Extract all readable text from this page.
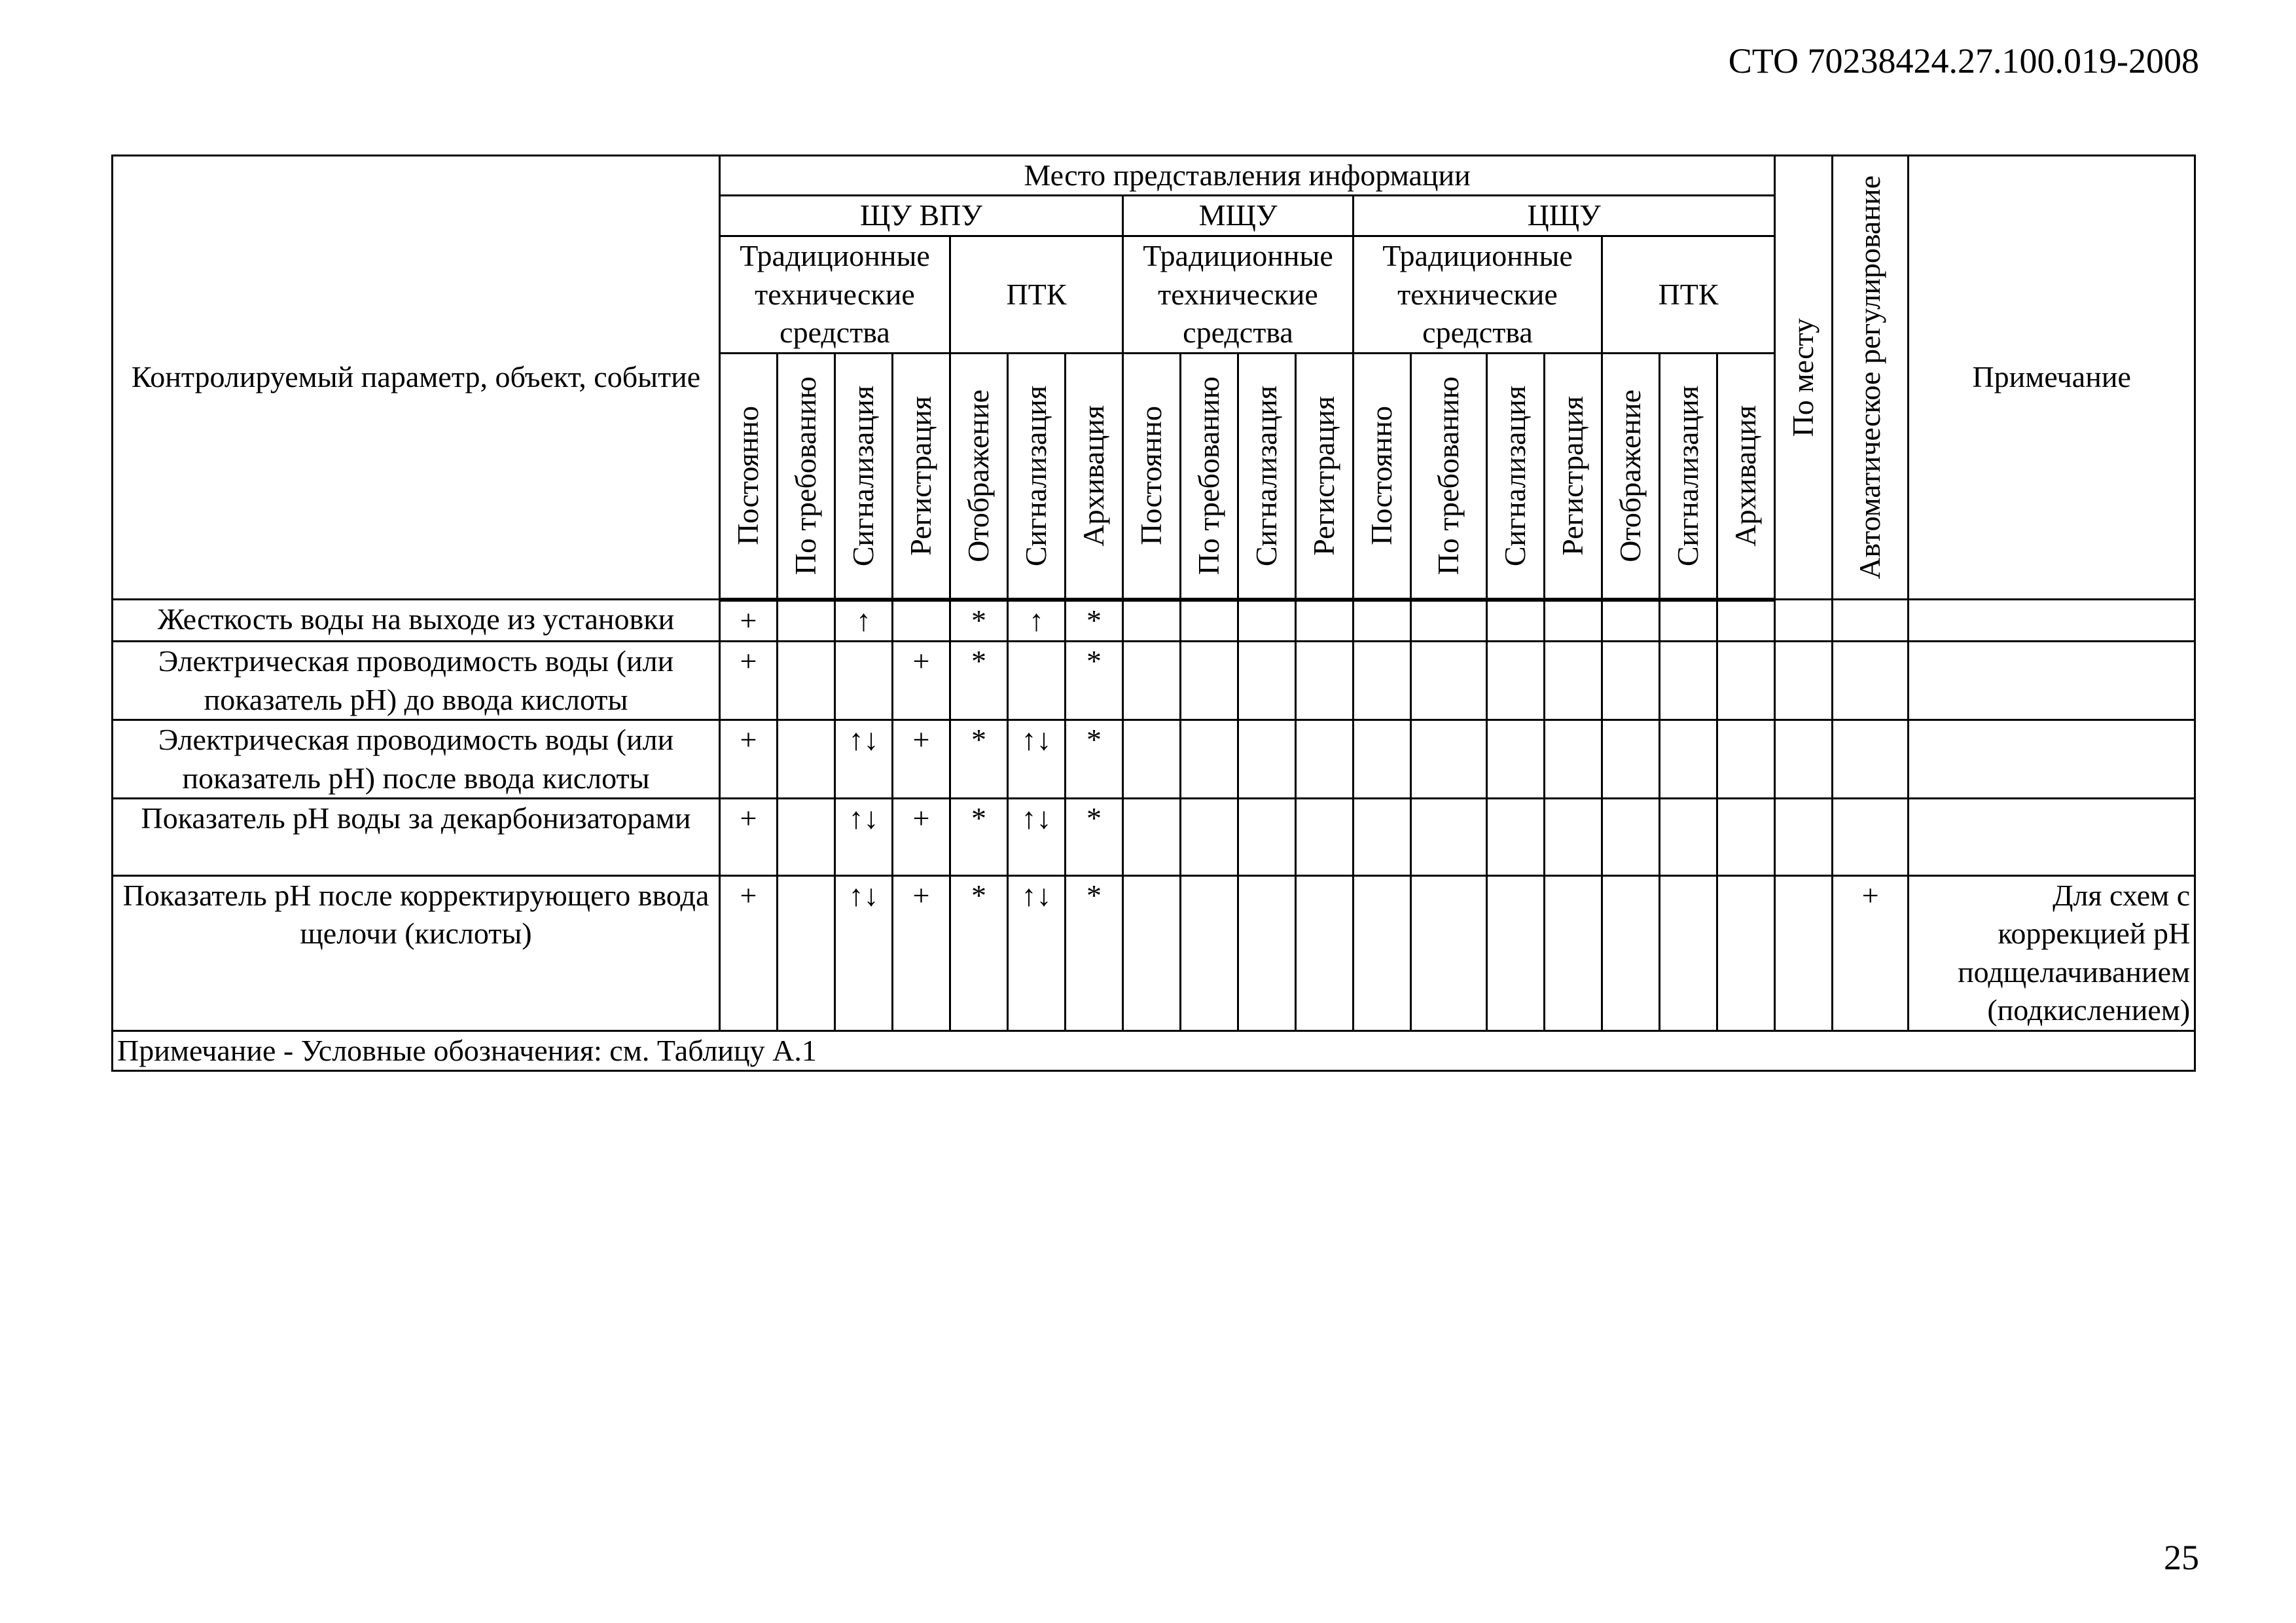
СТО 70238424.27.100.019-2008
Контролируемый параметр, объект, событие	Место представления информации																		По месту	Автоматическое регулирование	Примечание
	ЩУ ВПУ							МЩУ				ЦЩУ									
	Традиционные технические средства				ПТК			Традиционные технические средства				Традиционные технические средства				ПТК					

	Постоянно	По требованию	Сигнализация	Регистрация	Отображение	Сигнализация	Архивация	Постоянно	По требованию	Сигнализация	Регистрация	Постоянно	По требованию	Сигнализация	Регистрация	Отображение	Сигнализация	Архивация			

Жесткость воды на выходе из установки	+		↑		*	↑	*														
Электрическая проводимость воды (или показатель pH) до ввода кислоты	+			+	*		*														
Электрическая проводимость воды (или показатель pH) после ввода кислоты	+		↑↓	+	*	↑↓	*														
Показатель pH воды за декарбонизаторами	+		↑↓	+	*	↑↓	*														
Показатель pH после корректирующего ввода щелочи (кислоты)	+		↑↓	+	*	↑↓	*													+	Для схем с коррекцией pH подщелачиванием (подкислением)
Примечание - Условные обозначения: см. Таблицу А.1																					
25
